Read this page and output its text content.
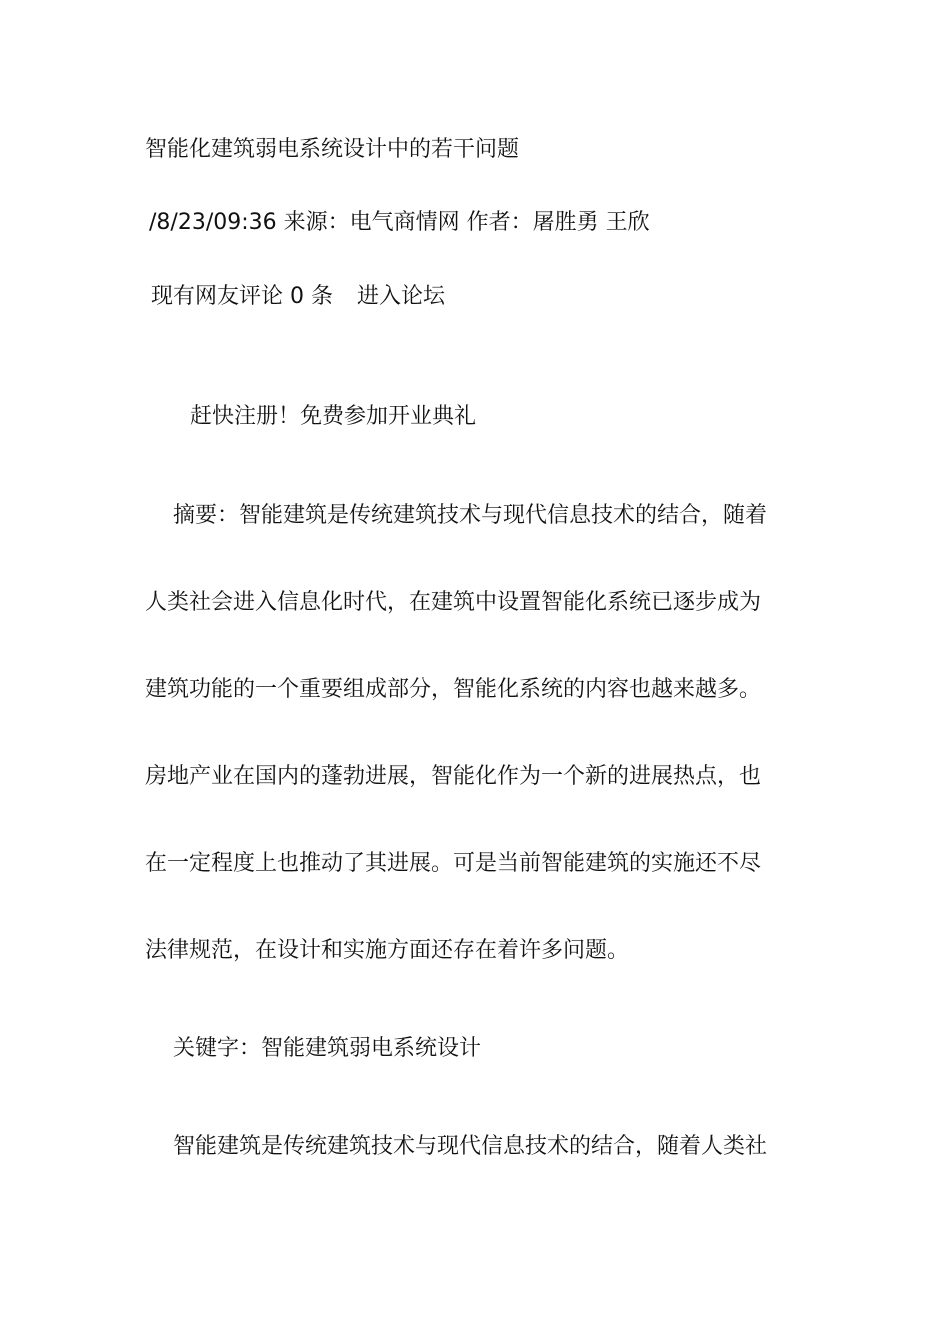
智能化建筑弱电系统设计中的若干问题
/8/23/09:36 来源：电气商情网 作者：屠胜勇 王欣
现有网友评论 0 条 进入论坛
赶快注册！免费参加开业典礼
摘要：智能建筑是传统建筑技术与现代信息技术的结合，随着
人类社会进入信息化时代，在建筑中设置智能化系统已逐步成为
建筑功能的一个重要组成部分，智能化系统的内容也越来越多。
房地产业在国内的蓬勃进展，智能化作为一个新的进展热点，也
在一定程度上也推动了其进展。可是当前智能建筑的实施还不尽
法律规范，在设计和实施方面还存在着许多问题。
关键字：智能建筑弱电系统设计
智能建筑是传统建筑技术与现代信息技术的结合，随着人类社
